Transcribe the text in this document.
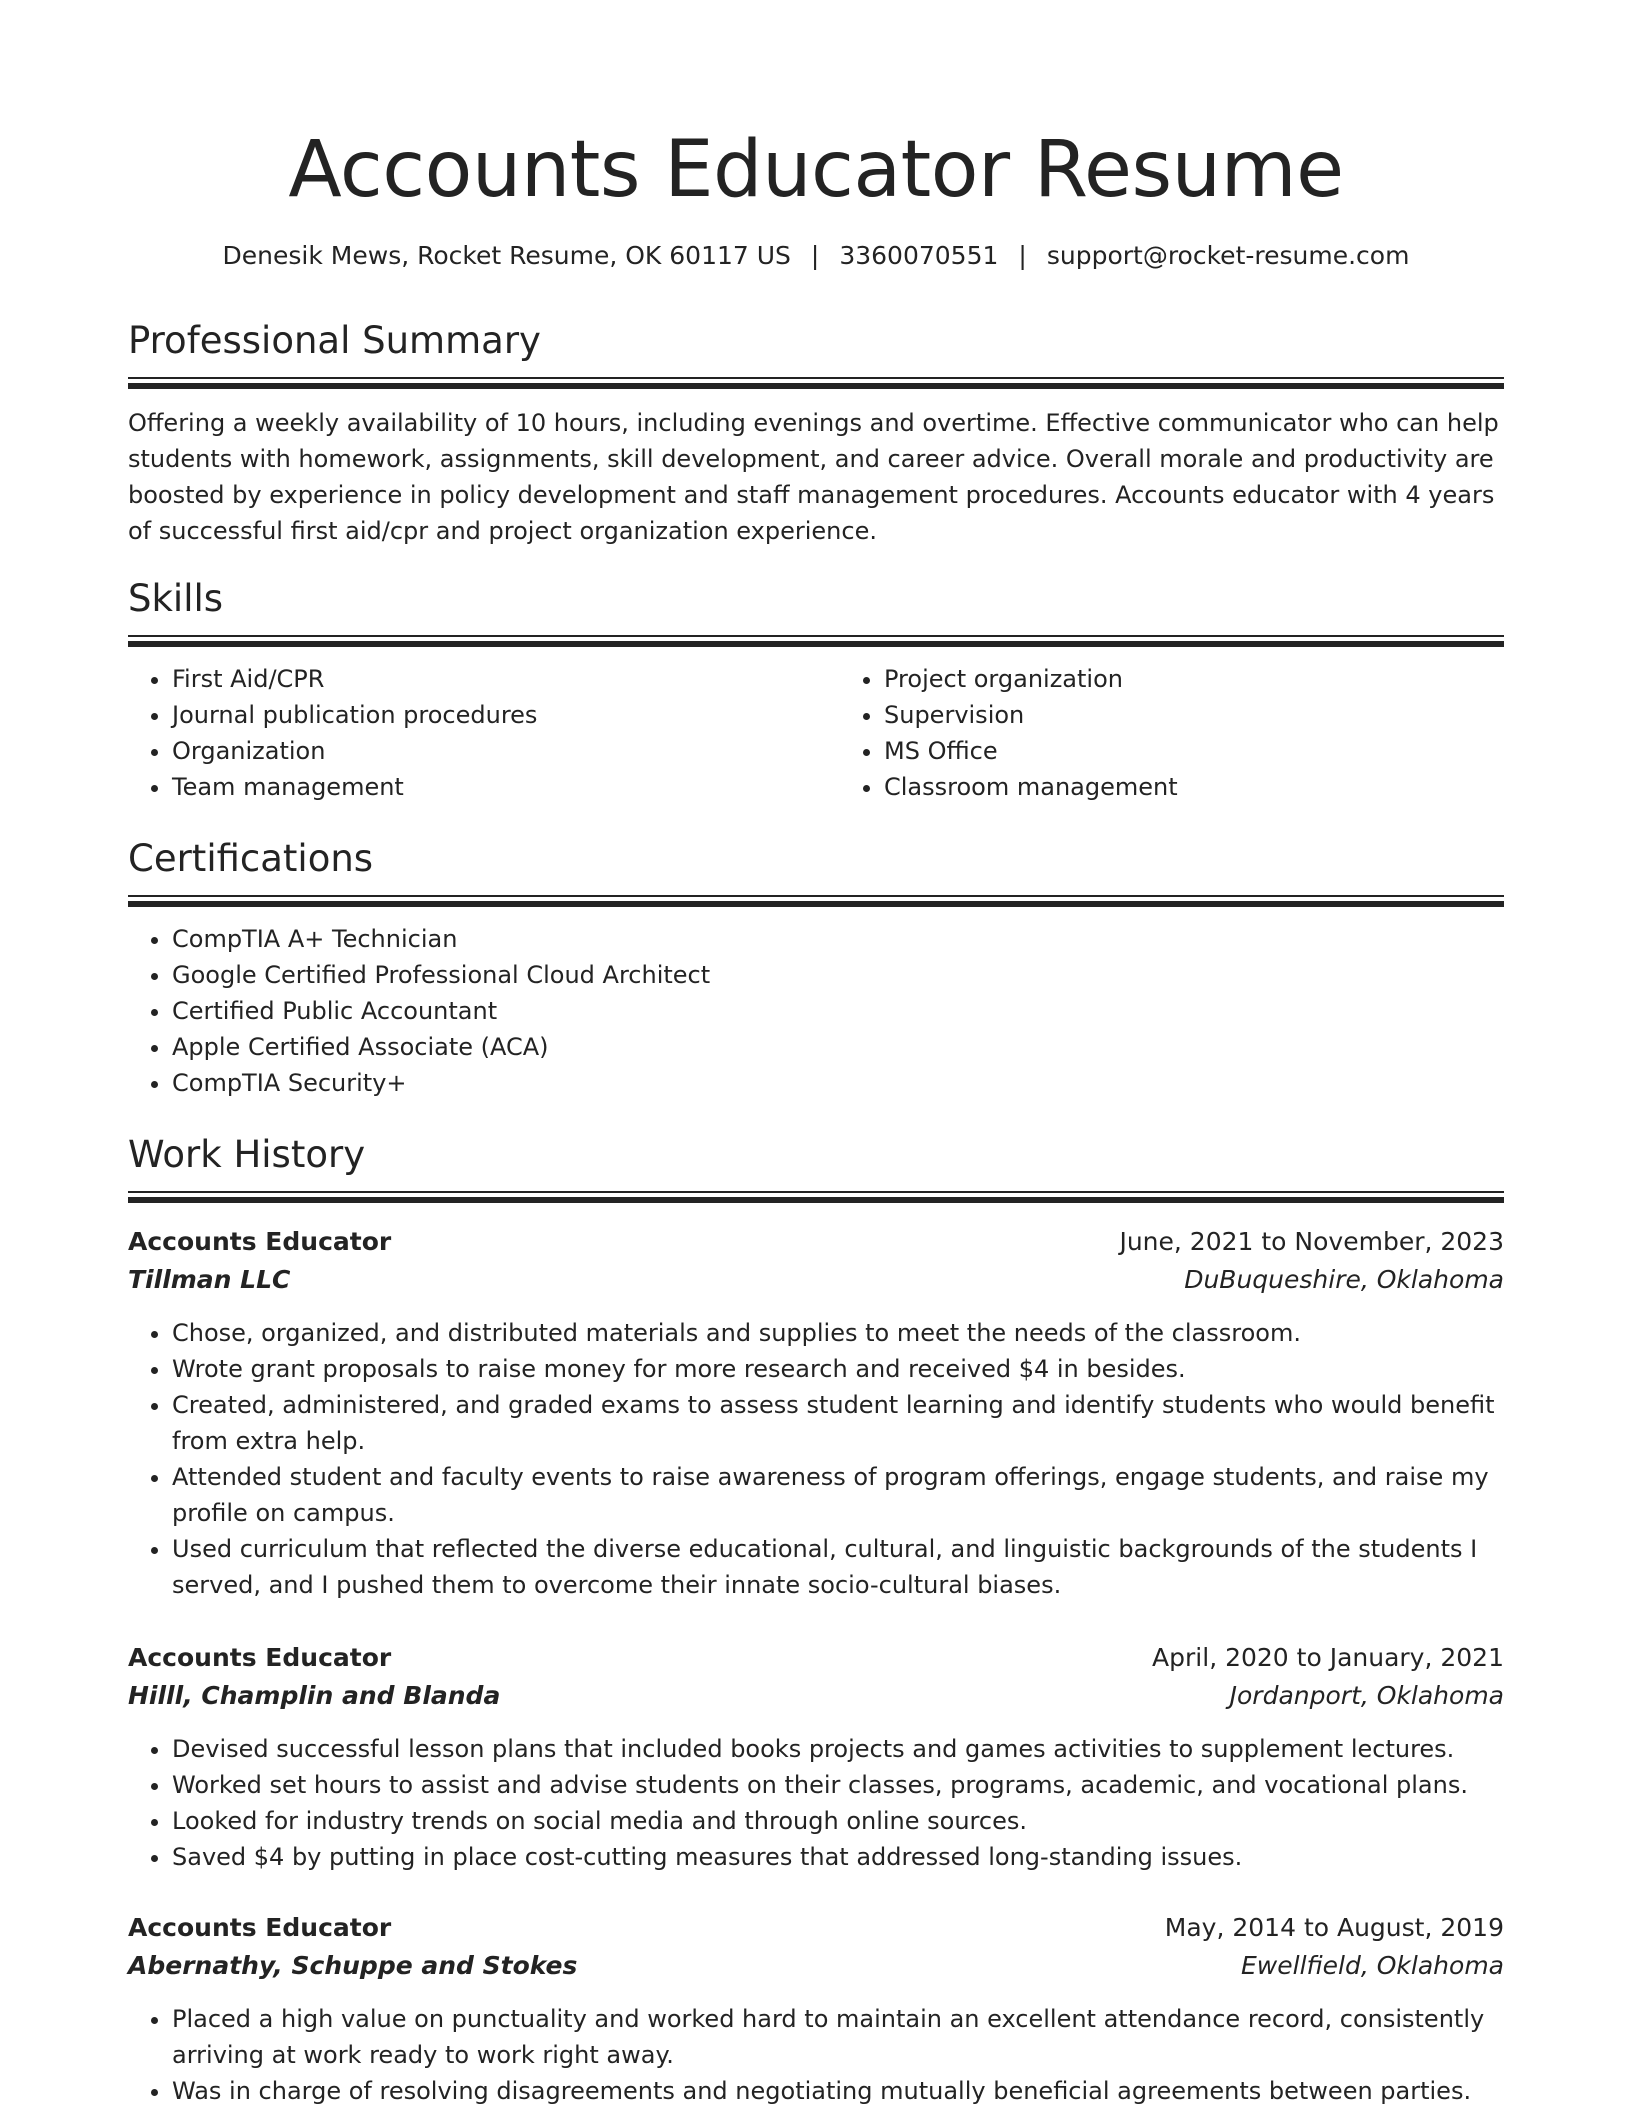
Accounts Educator Resume
Denesik Mews, Rocket Resume, OK 60117 US | 3360070551 | support@rocket-resume.com
Professional Summary

Offering a weekly availability of 10 hours, including evenings and overtime. Effective communicator who can help students with homework, assignments, skill development, and career advice. Overall morale and productivity are boosted by experience in policy development and staff management procedures. Accounts educator with 4 years of successful first aid/cpr and project organization experience.

Skills
• First Aid/CPR
• Journal publication procedures
• Organization
• Team management
• Project organization
• Supervision
• MS Office
• Classroom management
Certifications
• CompTIA A+ Technician
• Google Certified Professional Cloud Architect
• Certified Public Accountant
• Apple Certified Associate (ACA)
• CompTIA Security+
Work History
Accounts Educator	June, 2021 to November, 2023
Tillman LLC	DuBuqueshire, Oklahoma
• Chose, organized, and distributed materials and supplies to meet the needs of the classroom.
• Wrote grant proposals to raise money for more research and received $4 in besides.
• Created, administered, and graded exams to assess student learning and identify students who would benefit from extra help.
• Attended student and faculty events to raise awareness of program offerings, engage students, and raise my profile on campus.
• Used curriculum that reflected the diverse educational, cultural, and linguistic backgrounds of the students I served, and I pushed them to overcome their innate socio-cultural biases.
Accounts Educator	April, 2020 to January, 2021
Hilll, Champlin and Blanda	Jordanport, Oklahoma
• Devised successful lesson plans that included books projects and games activities to supplement lectures.
• Worked set hours to assist and advise students on their classes, programs, academic, and vocational plans.
• Looked for industry trends on social media and through online sources.
• Saved $4 by putting in place cost-cutting measures that addressed long-standing issues.
Accounts Educator	May, 2014 to August, 2019
Abernathy, Schuppe and Stokes	Ewellfield, Oklahoma
• Placed a high value on punctuality and worked hard to maintain an excellent attendance record, consistently arriving at work ready to work right away.
• Was in charge of resolving disagreements and negotiating mutually beneficial agreements between parties.
